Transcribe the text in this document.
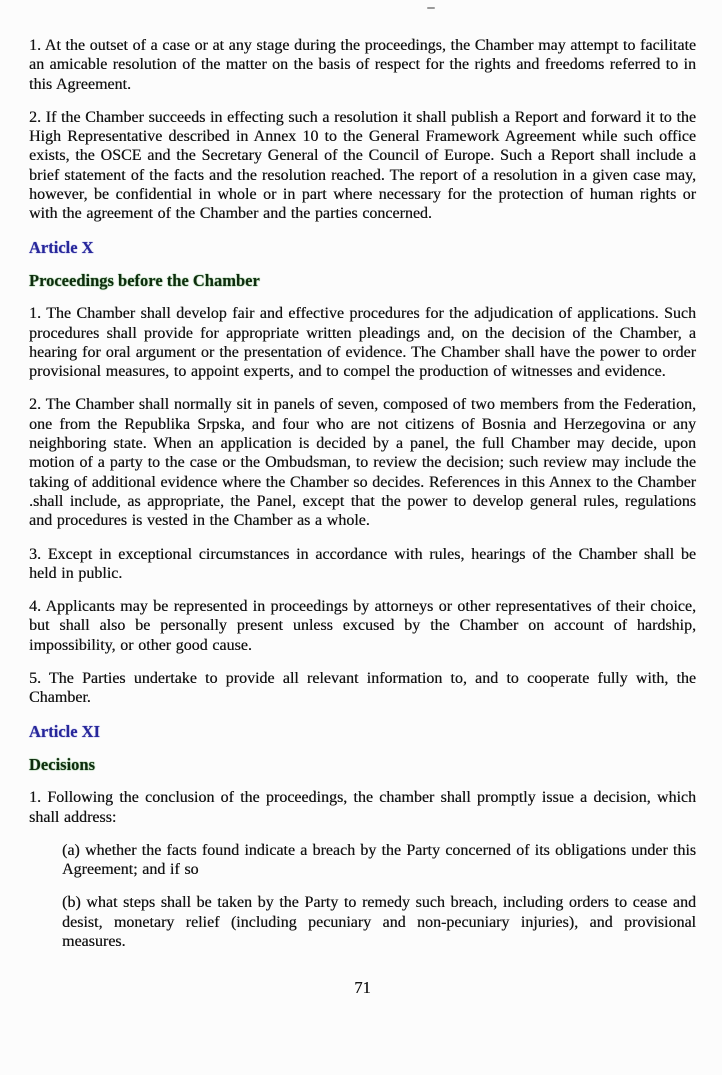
1. At the outset of a case or at any stage during the proceedings, the Chamber may attempt to facilitate an amicable resolution of the matter on the basis of respect for the rights and freedoms referred to in this Agreement.

2. If the Chamber succeeds in effecting such a resolution it shall publish a Report and forward it to the High Representative described in Annex 10 to the General Framework Agreement while such office exists, the OSCE and the Secretary General of the Council of Europe. Such a Report shall include a brief statement of the facts and the resolution reached. The report of a resolution in a given case may, however, be confidential in whole or in part where necessary for the protection of human rights or with the agreement of the Chamber and the parties concerned.

Article X
Proceedings before the Chamber

1. The Chamber shall develop fair and effective procedures for the adjudication of applications. Such procedures shall provide for appropriate written pleadings and, on the decision of the Chamber, a hearing for oral argument or the presentation of evidence. The Chamber shall have the power to order provisional measures, to appoint experts, and to compel the production of witnesses and evidence.

2. The Chamber shall normally sit in panels of seven, composed of two members from the Federation, one from the Republika Srpska, and four who are not citizens of Bosnia and Herzegovina or any neighboring state. When an application is decided by a panel, the full Chamber may decide, upon motion of a party to the case or the Ombudsman, to review the decision; such review may include the taking of additional evidence where the Chamber so decides. References in this Annex to the Chamber .shall include, as appropriate, the Panel, except that the power to develop general rules, regulations and procedures is vested in the Chamber as a whole.

3. Except in exceptional circumstances in accordance with rules, hearings of the Chamber shall be held in public.

4. Applicants may be represented in proceedings by attorneys or other representatives of their choice, but shall also be personally present unless excused by the Chamber on account of hardship, impossibility, or other good cause.

5. The Parties undertake to provide all relevant information to, and to cooperate fully with, the Chamber.

Article XI
Decisions

1. Following the conclusion of the proceedings, the chamber shall promptly issue a decision, which shall address:

(a) whether the facts found indicate a breach by the Party concerned of its obligations under this Agreement; and if so

(b) what steps shall be taken by the Party to remedy such breach, including orders to cease and desist, monetary relief (including pecuniary and non-pecuniary injuries), and provisional measures.

71
